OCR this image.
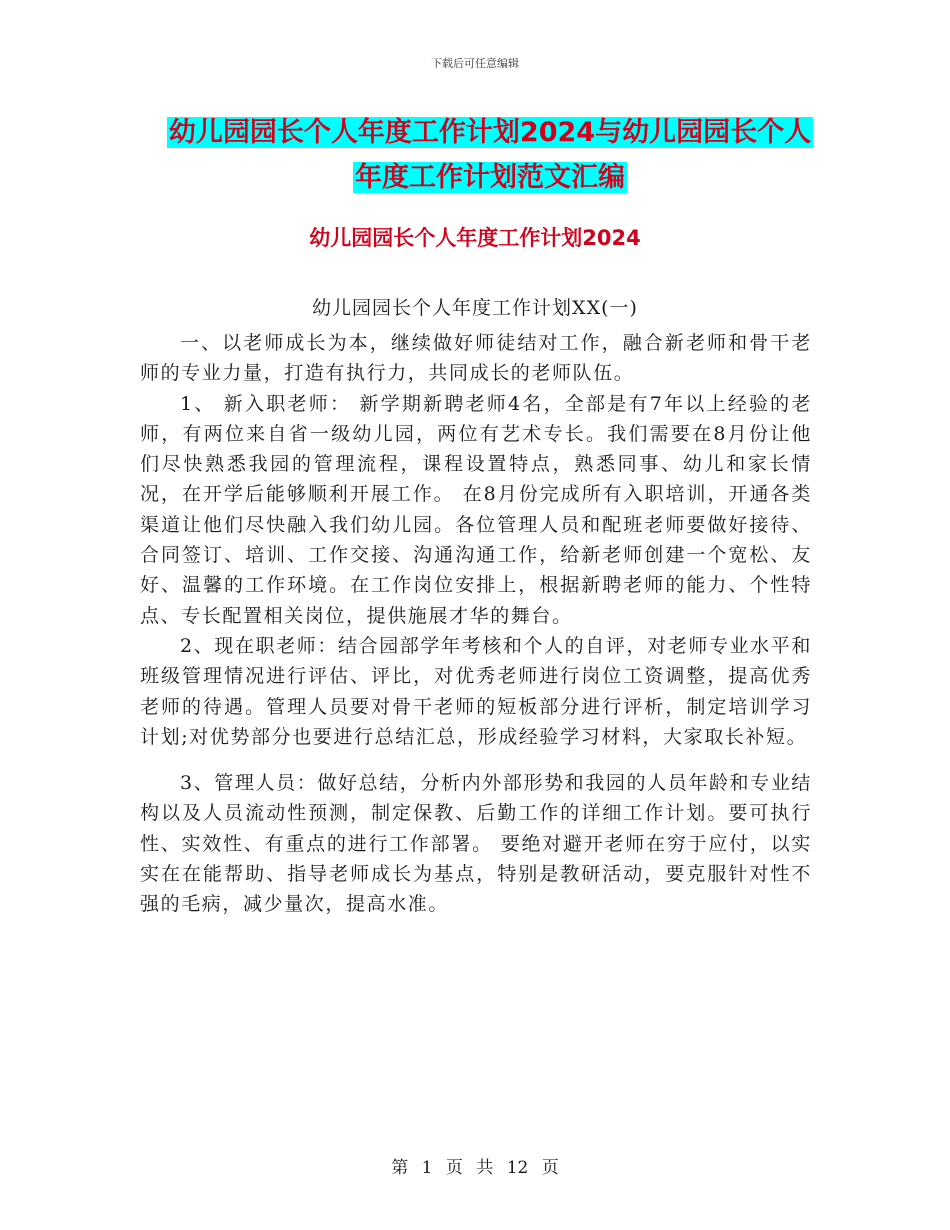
下载后可任意编辑
幼儿园园长个人年度工作计划2024与幼儿园园长个人
年度工作计划范文汇编
幼儿园园长个人年度工作计划2024
幼儿园园长个人年度工作计划XX(一)

一、以老师成长为本，继续做好师徒结对工作，融合新老师和骨干老师的专业力量，打造有执行力，共同成长的老师队伍。

1、 新入职老师： 新学期新聘老师4名，全部是有7年以上经验的老师，有两位来自省一级幼儿园，两位有艺术专长。我们需要在8月份让他们尽快熟悉我园的管理流程，课程设置特点，熟悉同事、幼儿和家长情况，在开学后能够顺利开展工作。 在8月份完成所有入职培训，开通各类渠道让他们尽快融入我们幼儿园。各位管理人员和配班老师要做好接待、合同签订、培训、工作交接、沟通沟通工作，给新老师创建一个宽松、友好、温馨的工作环境。在工作岗位安排上，根据新聘老师的能力、个性特点、专长配置相关岗位，提供施展才华的舞台。

2、现在职老师：结合园部学年考核和个人的自评，对老师专业水平和班级管理情况进行评估、评比，对优秀老师进行岗位工资调整，提高优秀老师的待遇。管理人员要对骨干老师的短板部分进行评析，制定培训学习计划;对优势部分也要进行总结汇总，形成经验学习材料，大家取长补短。

3、管理人员：做好总结，分析内外部形势和我园的人员年龄和专业结构以及人员流动性预测，制定保教、后勤工作的详细工作计划。要可执行性、实效性、有重点的进行工作部署。 要绝对避开老师在穷于应付，以实实在在能帮助、指导老师成长为基点，特别是教研活动，要克服针对性不强的毛病，减少量次，提高水准。

第 1 页 共 12 页
